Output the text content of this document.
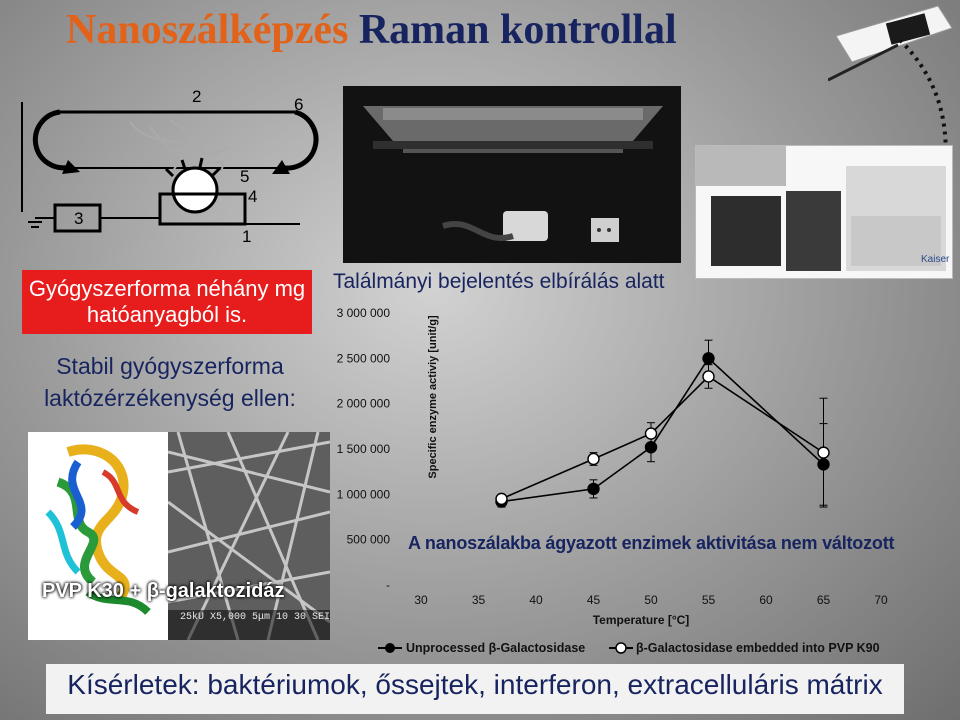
Nanoszálképzés Raman kontrollal
2	6
3
4
5
1
Kaiser
Gyógyszerforma néhány mg hatóanyagból is.
Stabil gyógyszerforma
laktózérzékenység ellen:
Találmányi bejelentés elbírálás alatt
25kU X5,000 5μm 10 30 SEI
PVP K30 + β-galaktozidáz	-
500 000
1 000 000
1 500 000
2 000 000
2 500 000
3 000 000
30	35	40	45	50	55	60	65	70
Specific enzyme activiy [unit/g]
Temperature [°C]
Unprocessed β-Galactosidase	β-Galactosidase embedded into PVP K90
A nanoszálakba ágyazott enzimek aktivitása nem változott
Kísérletek: baktériumok, őssejtek, interferon, extracelluláris mátrix
